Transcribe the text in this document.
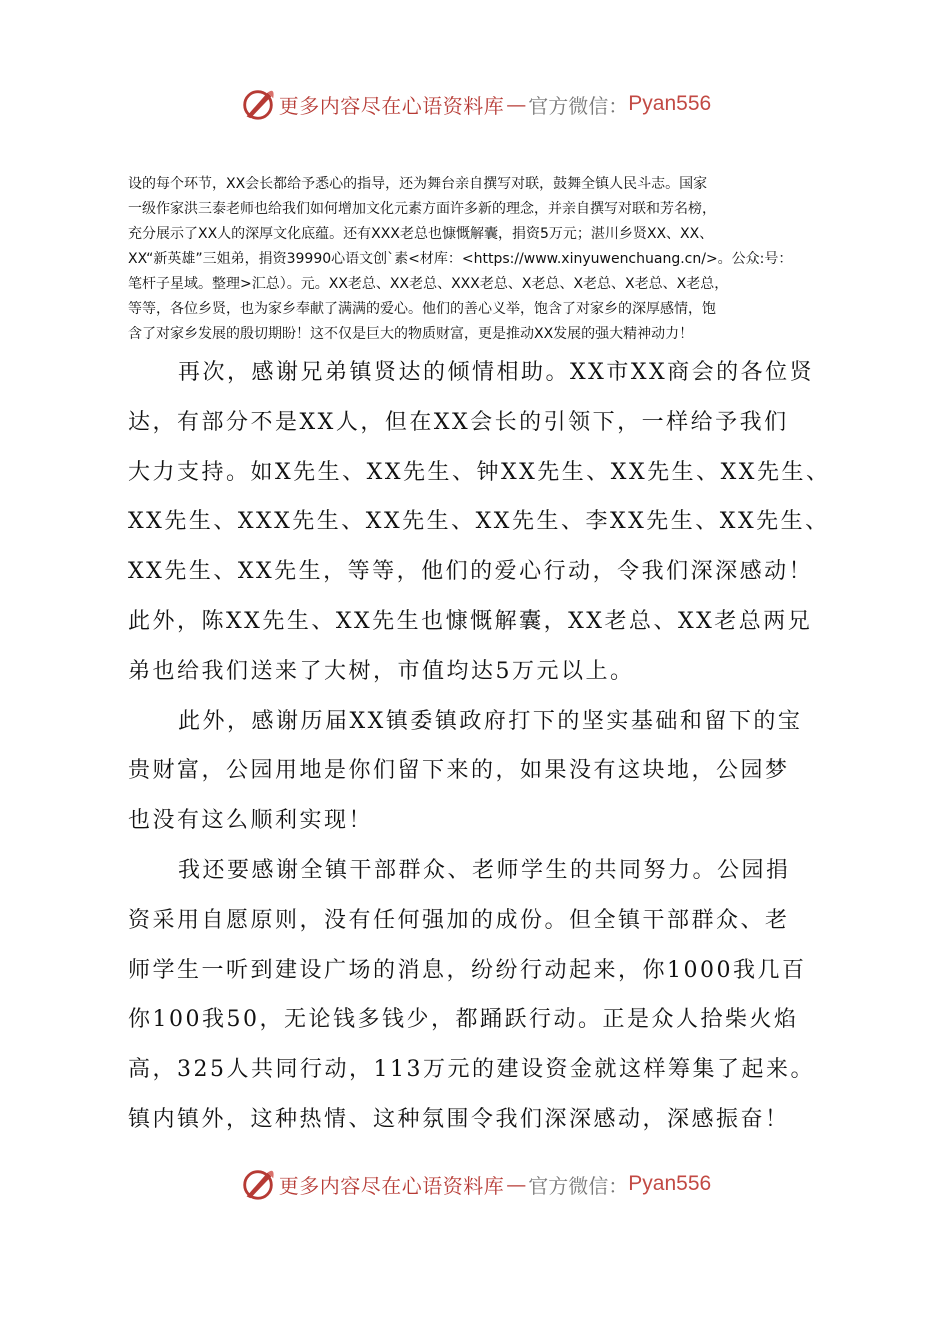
更多内容尽在心语资料库 — 官方微信： Pyan556
设的每个环节，XX会长都给予悉心的指导，还为舞台亲自撰写对联，鼓舞全镇人民斗志。国家
一级作家洪三泰老师也给我们如何增加文化元素方面许多新的理念，并亲自撰写对联和芳名榜，
充分展示了XX人的深厚文化底蕴。还有XXX老总也慷慨解囊，捐资5万元；湛川乡贤XX、XX、
XX“新英雄”三姐弟，捐资39990心语文创`素<材库：<https://www.xinyuwenchuang.cn/>。公众:号：
笔杆子星域。整理>汇总）。元。XX老总、XX老总、XXX老总、X老总、X老总、X老总、X老总，
等等，各位乡贤，也为家乡奉献了满满的爱心。他们的善心义举，饱含了对家乡的深厚感情，饱
含了对家乡发展的殷切期盼！这不仅是巨大的物质财富，更是推动XX发展的强大精神动力！
再次，感谢兄弟镇贤达的倾情相助。XX市XX商会的各位贤
达，有部分不是XX人，但在XX会长的引领下，一样给予我们
大力支持。如X先生、XX先生、钟XX先生、XX先生、XX先生、
XX先生、XXX先生、XX先生、XX先生、李XX先生、XX先生、
XX先生、XX先生，等等，他们的爱心行动，令我们深深感动！
此外，陈XX先生、XX先生也慷慨解囊，XX老总、XX老总两兄
弟也给我们送来了大树，市值均达5万元以上。
此外，感谢历届XX镇委镇政府打下的坚实基础和留下的宝
贵财富，公园用地是你们留下来的，如果没有这块地，公园梦
也没有这么顺利实现！
我还要感谢全镇干部群众、老师学生的共同努力。公园捐
资采用自愿原则，没有任何强加的成份。但全镇干部群众、老
师学生一听到建设广场的消息，纷纷行动起来，你1000我几百
你100我50，无论钱多钱少，都踊跃行动。正是众人拾柴火焰
高，325人共同行动，113万元的建设资金就这样筹集了起来。
镇内镇外，这种热情、这种氛围令我们深深感动，深感振奋！
更多内容尽在心语资料库 — 官方微信： Pyan556
